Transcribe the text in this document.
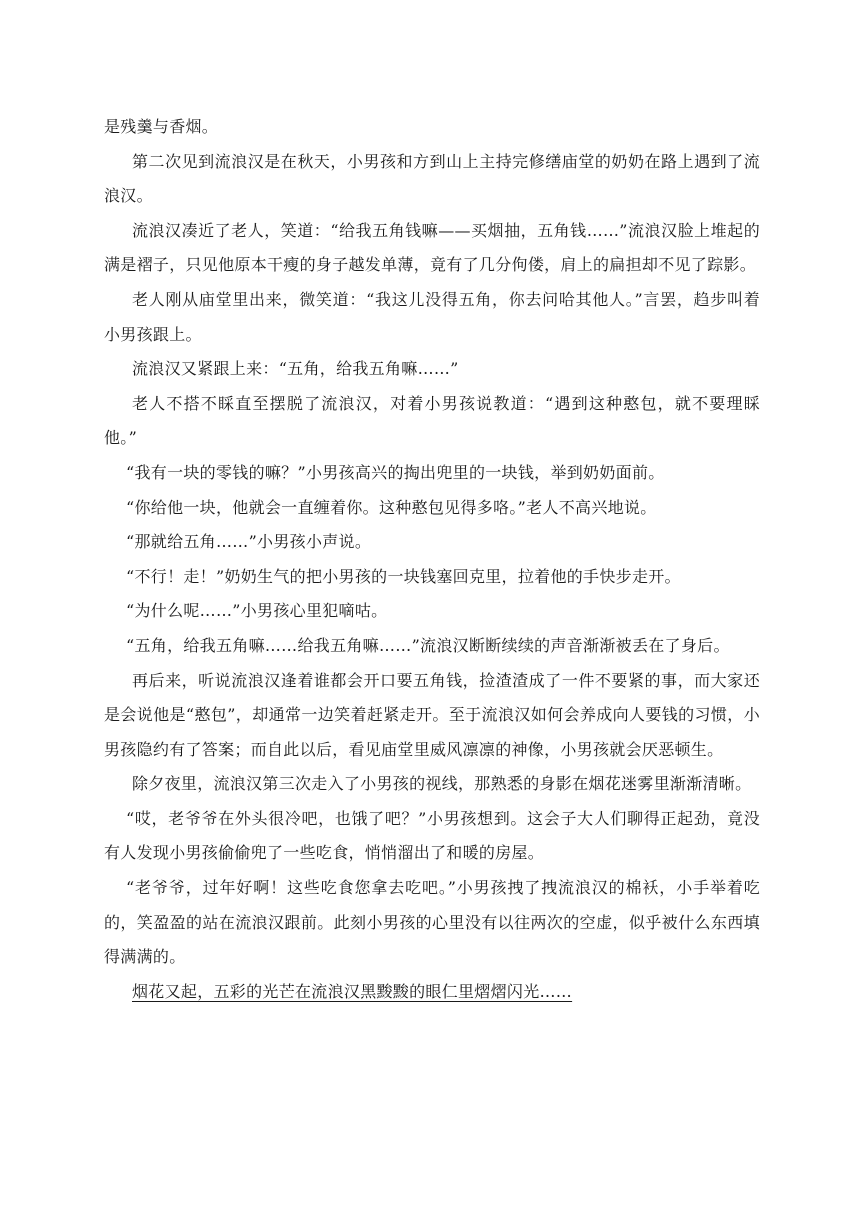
是残羹与香烟。

第二次见到流浪汉是在秋天，小男孩和方到山上主持完修缮庙堂的奶奶在路上遇到了流浪汉。

流浪汉凑近了老人，笑道：“给我五角钱嘛——买烟抽，五角钱……”流浪汉脸上堆起的满是褶子，只见他原本干瘦的身子越发单薄，竟有了几分佝偻，肩上的扁担却不见了踪影。

老人刚从庙堂里出来，微笑道：“我这儿没得五角，你去问哈其他人。”言罢，趋步叫着小男孩跟上。

流浪汉又紧跟上来：“五角，给我五角嘛……”

老人不搭不睬直至摆脱了流浪汉，对着小男孩说教道：“遇到这种憨包，就不要理睬他。”

“我有一块的零钱的嘛？”小男孩高兴的掏出兜里的一块钱，举到奶奶面前。

“你给他一块，他就会一直缠着你。这种憨包见得多咯。”老人不高兴地说。

“那就给五角……”小男孩小声说。

“不行！走！”奶奶生气的把小男孩的一块钱塞回克里，拉着他的手快步走开。

“为什么呢……”小男孩心里犯嘀咕。

“五角，给我五角嘛……给我五角嘛……”流浪汉断断续续的声音渐渐被丢在了身后。

再后来，听说流浪汉逢着谁都会开口要五角钱，捡渣渣成了一件不要紧的事，而大家还是会说他是“憨包”，却通常一边笑着赶紧走开。至于流浪汉如何会养成向人要钱的习惯，小男孩隐约有了答案；而自此以后，看见庙堂里威风凛凛的神像，小男孩就会厌恶顿生。

除夕夜里，流浪汉第三次走入了小男孩的视线，那熟悉的身影在烟花迷雾里渐渐清晰。

“哎，老爷爷在外头很冷吧，也饿了吧？”小男孩想到。这会子大人们聊得正起劲，竟没有人发现小男孩偷偷兜了一些吃食，悄悄溜出了和暖的房屋。

“老爷爷，过年好啊！这些吃食您拿去吃吧。”小男孩拽了拽流浪汉的棉袄，小手举着吃的，笑盈盈的站在流浪汉跟前。此刻小男孩的心里没有以往两次的空虚，似乎被什么东西填得满满的。

烟花又起，五彩的光芒在流浪汉黑黢黢的眼仁里熠熠闪光……
